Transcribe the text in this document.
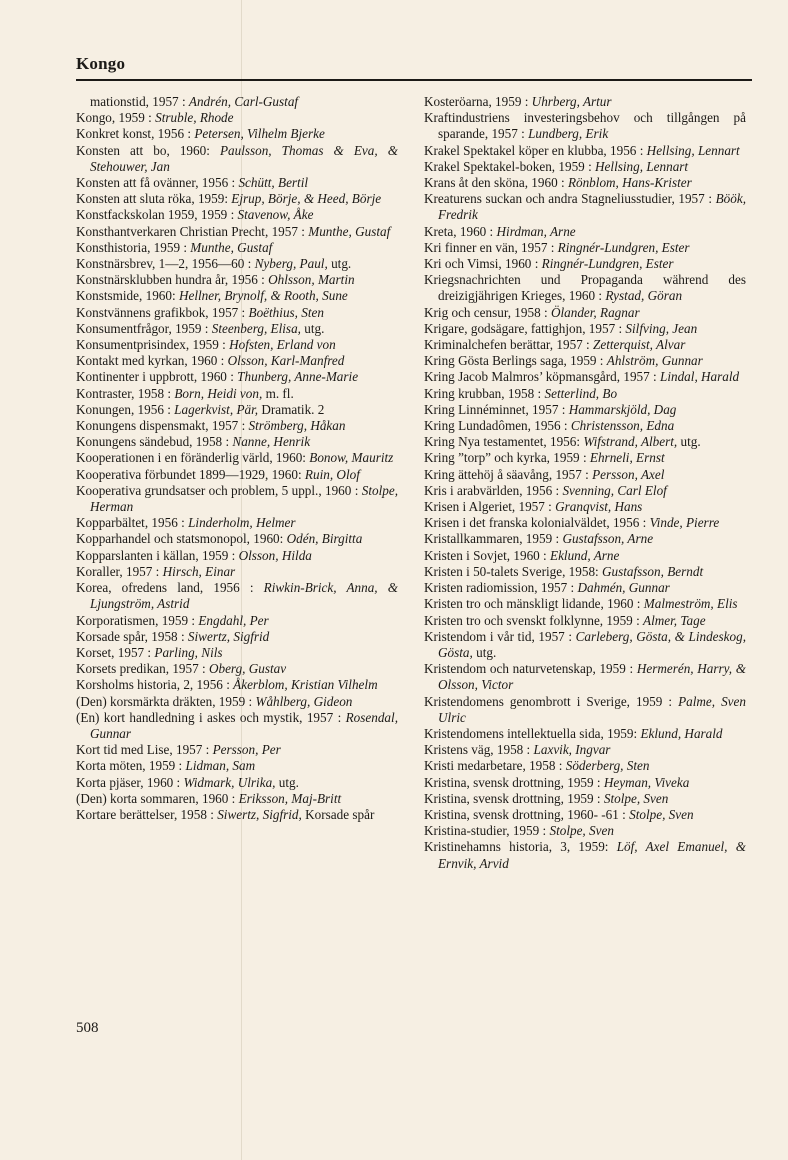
Kongo

mationstid, 1957 : Andrén, Carl-Gustaf

Kongo, 1959 : Struble, Rhode

Konkret konst, 1956 : Petersen, Vilhelm Bjerke

Konsten att bo, 1960: Paulsson, Thomas & Eva, & Stehouwer, Jan

Konsten att få ovänner, 1956 : Schütt, Bertil

Konsten att sluta röka, 1959: Ejrup, Börje, & Heed, Börje

Konstfackskolan 1959, 1959 : Stavenow, Åke

Konsthantverkaren Christian Precht, 1957 : Munthe, Gustaf

Konsthistoria, 1959 : Munthe, Gustaf

Konstnärsbrev, 1—2, 1956—60 : Nyberg, Paul, utg.

Konstnärsklubben hundra år, 1956 : Ohlsson, Martin

Konstsmide, 1960: Hellner, Brynolf, & Rooth, Sune

Konstvännens grafikbok, 1957 : Boëthius, Sten

Konsumentfrågor, 1959 : Steenberg, Elisa, utg.

Konsumentprisindex, 1959 : Hofsten, Erland von

Kontakt med kyrkan, 1960 : Olsson, Karl-Manfred

Kontinenter i uppbrott, 1960 : Thunberg, Anne-Marie

Kontraster, 1958 : Born, Heidi von, m. fl.

Konungen, 1956 : Lagerkvist, Pär, Dramatik. 2

Konungens dispensmakt, 1957 : Strömberg, Håkan

Konungens sändebud, 1958 : Nanne, Henrik

Kooperationen i en föränderlig värld, 1960: Bonow, Mauritz

Kooperativa förbundet 1899—1929, 1960: Ruin, Olof

Kooperativa grundsatser och problem, 5 uppl., 1960 : Stolpe, Herman

Kopparbältet, 1956 : Linderholm, Helmer

Kopparhandel och statsmonopol, 1960: Odén, Birgitta

Kopparslanten i källan, 1959 : Olsson, Hilda

Koraller, 1957 : Hirsch, Einar

Korea, ofredens land, 1956 : Riwkin-Brick, Anna, & Ljungström, Astrid

Korporatismen, 1959 : Engdahl, Per

Korsade spår, 1958 : Siwertz, Sigfrid

Korset, 1957 : Parling, Nils

Korsets predikan, 1957 : Oberg, Gustav

Korsholms historia, 2, 1956 : Åkerblom, Kristian Vilhelm

(Den) korsmärkta dräkten, 1959 : Wåhlberg, Gideon

(En) kort handledning i askes och mystik, 1957 : Rosendal, Gunnar

Kort tid med Lise, 1957 : Persson, Per

Korta möten, 1959 : Lidman, Sam

Korta pjäser, 1960 : Widmark, Ulrika, utg.

(Den) korta sommaren, 1960 : Eriksson, Maj-Britt

Kortare berättelser, 1958 : Siwertz, Sigfrid, Korsade spår

Kosteröarna, 1959 : Uhrberg, Artur

Kraftindustriens investeringsbehov och tillgången på sparande, 1957 : Lundberg, Erik

Krakel Spektakel köper en klubba, 1956 : Hellsing, Lennart

Krakel Spektakel-boken, 1959 : Hellsing, Lennart

Krans åt den sköna, 1960 : Rönblom, Hans-Krister

Kreaturens suckan och andra Stagneliusstudier, 1957 : Böök, Fredrik

Kreta, 1960 : Hirdman, Arne

Kri finner en vän, 1957 : Ringnér-Lundgren, Ester

Kri och Vimsi, 1960 : Ringnér-Lundgren, Ester

Kriegsnachrichten und Propaganda während des dreizigjährigen Krieges, 1960 : Rystad, Göran

Krig och censur, 1958 : Ölander, Ragnar

Krigare, godsägare, fattighjon, 1957 : Silfving, Jean

Kriminalchefen berättar, 1957 : Zetterquist, Alvar

Kring Gösta Berlings saga, 1959 : Ahlström, Gunnar

Kring Jacob Malmros’ köpmansgård, 1957 : Lindal, Harald

Kring krubban, 1958 : Setterlind, Bo

Kring Linnéminnet, 1957 : Hammarskjöld, Dag

Kring Lundadômen, 1956 : Christensson, Edna

Kring Nya testamentet, 1956: Wifstrand, Albert, utg.

Kring ”torp” och kyrka, 1959 : Ehrneli, Ernst

Kring ättehöj å säavång, 1957 : Persson, Axel

Kris i arabvärlden, 1956 : Svenning, Carl Elof

Krisen i Algeriet, 1957 : Granqvist, Hans

Krisen i det franska kolonialväldet, 1956 : Vinde, Pierre

Kristallkammaren, 1959 : Gustafsson, Arne

Kristen i Sovjet, 1960 : Eklund, Arne

Kristen i 50-talets Sverige, 1958: Gustafsson, Berndt

Kristen radiomission, 1957 : Dahmén, Gunnar

Kristen tro och mänskligt lidande, 1960 : Malmeström, Elis

Kristen tro och svenskt folklynne, 1959 : Almer, Tage

Kristendom i vår tid, 1957 : Carleberg, Gösta, & Lindeskog, Gösta, utg.

Kristendom och naturvetenskap, 1959 : Hermerén, Harry, & Olsson, Victor

Kristendomens genombrott i Sverige, 1959 : Palme, Sven Ulric

Kristendomens intellektuella sida, 1959: Eklund, Harald

Kristens väg, 1958 : Laxvik, Ingvar

Kristi medarbetare, 1958 : Söderberg, Sten

Kristina, svensk drottning, 1959 : Heyman, Viveka

Kristina, svensk drottning, 1959 : Stolpe, Sven

Kristina, svensk drottning, 1960- -61 : Stolpe, Sven

Kristina-studier, 1959 : Stolpe, Sven

Kristinehamns historia, 3, 1959: Löf, Axel Emanuel, & Ernvik, Arvid

508
